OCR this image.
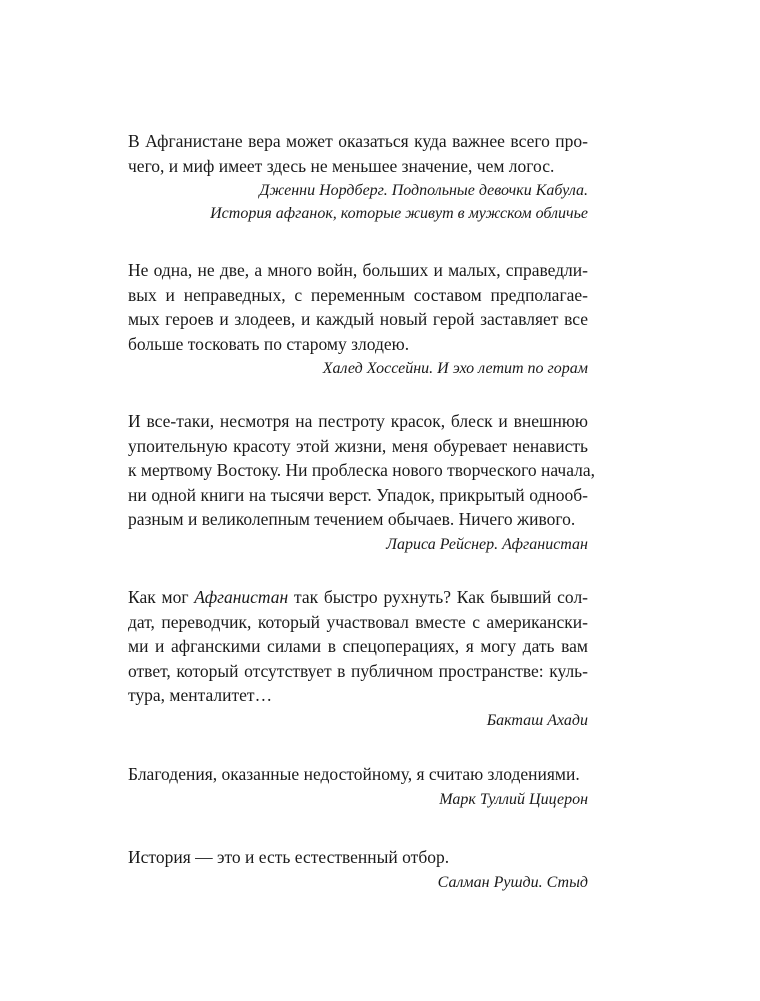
В Афганистане вера может оказаться куда важнее всего про-
чего, и миф имеет здесь не меньшее значение, чем логос.
Дженни Нордберг. Подпольные девочки Кабула.
История афганок, которые живут в мужском обличье
Не одна, не две, а много войн, больших и малых, справедли-
вых и неправедных, с переменным составом предполагае-
мых героев и злодеев, и каждый новый герой заставляет все
больше тосковать по старому злодею.
Халед Хоссейни. И эхо летит по горам
И все-таки, несмотря на пестроту красок, блеск и внешнюю
упоительную красоту этой жизни, меня обуревает ненависть
к мертвому Востоку. Ни проблеска нового творческого начала,
ни одной книги на тысячи верст. Упадок, прикрытый однооб-
разным и великолепным течением обычаев. Ничего живого.
Лариса Рейснер. Афганистан
Как мог Афганистан так быстро рухнуть? Как бывший сол-
дат, переводчик, который участвовал вместе с американски-
ми и афганскими силами в спецоперациях, я могу дать вам
ответ, который отсутствует в публичном пространстве: куль-
тура, менталитет…
Бакташ Ахади
Благодения, оказанные недостойному, я считаю злодениями.
Марк Туллий Цицерон
История — это и есть естественный отбор.
Салман Рушди. Стыд
